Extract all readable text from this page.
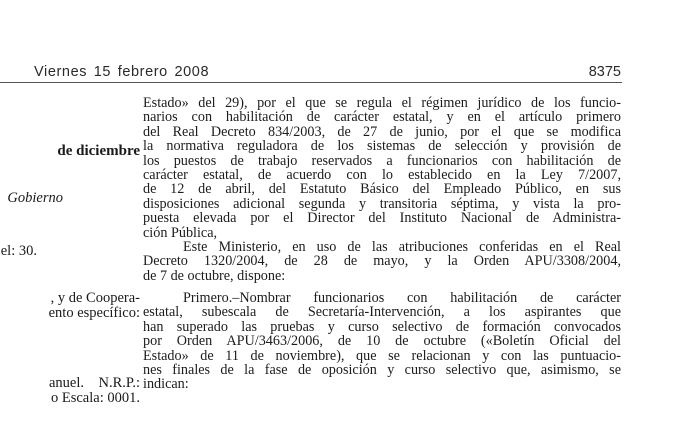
Viernes 15 febrero 2008	8375
de diciembre
Gobierno
el: 30.
, y de Coopera-
ento específico:
anuel.    N.R.P.:
o Escala: 0001.
Estado» del 29), por el que se regula el régimen jurídico de los funcio-
narios con habilitación de carácter estatal, y en el artículo primero
del Real Decreto 834/2003, de 27 de junio, por el que se modifica
la normativa reguladora de los sistemas de selección y provisión de
los puestos de trabajo reservados a funcionarios con habilitación de
carácter estatal, de acuerdo con lo establecido en la Ley 7/2007,
de 12 de abril, del Estatuto Básico del Empleado Público, en sus
disposiciones adicional segunda y transitoria séptima, y vista la pro-
puesta elevada por el Director del Instituto Nacional de Administra-
ción Pública,
Este Ministerio, en uso de las atribuciones conferidas en el Real
Decreto 1320/2004, de 28 de mayo, y la Orden APU/3308/2004,
de 7 de octubre, dispone:
Primero.–Nombrar funcionarios con habilitación de carácter
estatal, subescala de Secretaría-Intervención, a los aspirantes que
han superado las pruebas y curso selectivo de formación convocados
por Orden APU/3463/2006, de 10 de octubre («Boletín Oficial del
Estado» de 11 de noviembre), que se relacionan y con las puntuacio-
nes finales de la fase de oposición y curso selectivo que, asimismo, se
indican:
